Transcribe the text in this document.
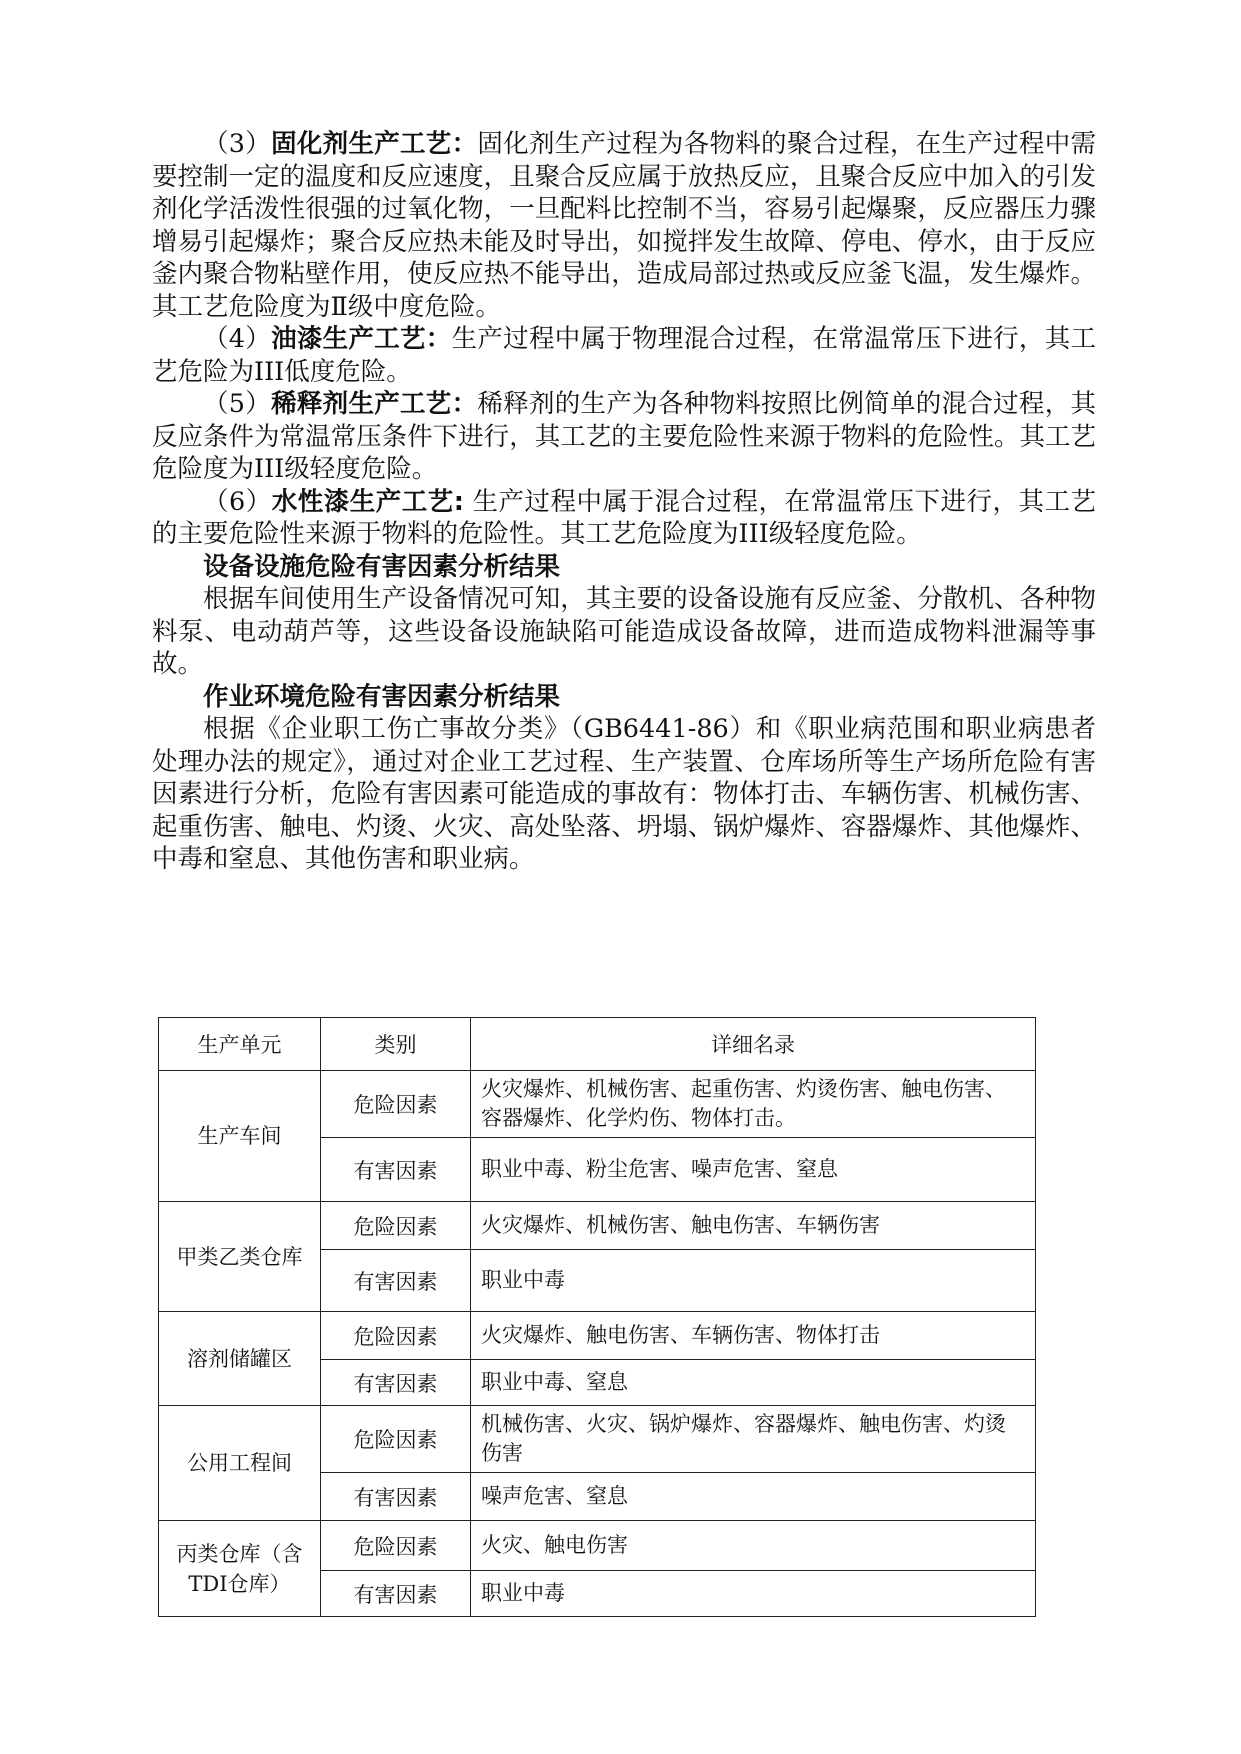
（3）固化剂生产工艺：固化剂生产过程为各物料的聚合过程，在生产过程中需要控制一定的温度和反应速度，且聚合反应属于放热反应，且聚合反应中加入的引发剂化学活泼性很强的过氧化物，一旦配料比控制不当，容易引起爆聚，反应器压力骤增易引起爆炸；聚合反应热未能及时导出，如搅拌发生故障、停电、停水，由于反应釜内聚合物粘壁作用，使反应热不能导出，造成局部过热或反应釜飞温，发生爆炸。其工艺危险度为Ⅱ级中度危险。

（4）油漆生产工艺：生产过程中属于物理混合过程，在常温常压下进行，其工艺危险为III低度危险。

（5）稀释剂生产工艺：稀释剂的生产为各种物料按照比例简单的混合过程，其反应条件为常温常压条件下进行，其工艺的主要危险性来源于物料的危险性。其工艺危险度为III级轻度危险。

（6）水性漆生产工艺: 生产过程中属于混合过程，在常温常压下进行，其工艺的主要危险性来源于物料的危险性。其工艺危险度为III级轻度危险。

设备设施危险有害因素分析结果

根据车间使用生产设备情况可知，其主要的设备设施有反应釜、分散机、各种物料泵、电动葫芦等，这些设备设施缺陷可能造成设备故障，进而造成物料泄漏等事故。

作业环境危险有害因素分析结果

根据《企业职工伤亡事故分类》（GB6441-86）和《职业病范围和职业病患者处理办法的规定》，通过对企业工艺过程、生产装置、仓库场所等生产场所危险有害因素进行分析，危险有害因素可能造成的事故有：物体打击、车辆伤害、机械伤害、起重伤害、触电、灼烫、火灾、高处坠落、坍塌、锅炉爆炸、容器爆炸、其他爆炸、中毒和窒息、其他伤害和职业病。

生产单元	类别	详细名录
生产车间	危险因素	火灾爆炸、机械伤害、起重伤害、灼烫伤害、触电伤害、容器爆炸、化学灼伤、物体打击。
	有害因素	职业中毒、粉尘危害、噪声危害、窒息
甲类乙类仓库	危险因素	火灾爆炸、机械伤害、触电伤害、车辆伤害
	有害因素	职业中毒
溶剂储罐区	危险因素	火灾爆炸、触电伤害、车辆伤害、物体打击
	有害因素	职业中毒、窒息
公用工程间	危险因素	机械伤害、火灾、锅炉爆炸、容器爆炸、触电伤害、灼烫伤害
	有害因素	噪声危害、窒息
丙类仓库（含TDI仓库）	危险因素	火灾、触电伤害
	有害因素	职业中毒
